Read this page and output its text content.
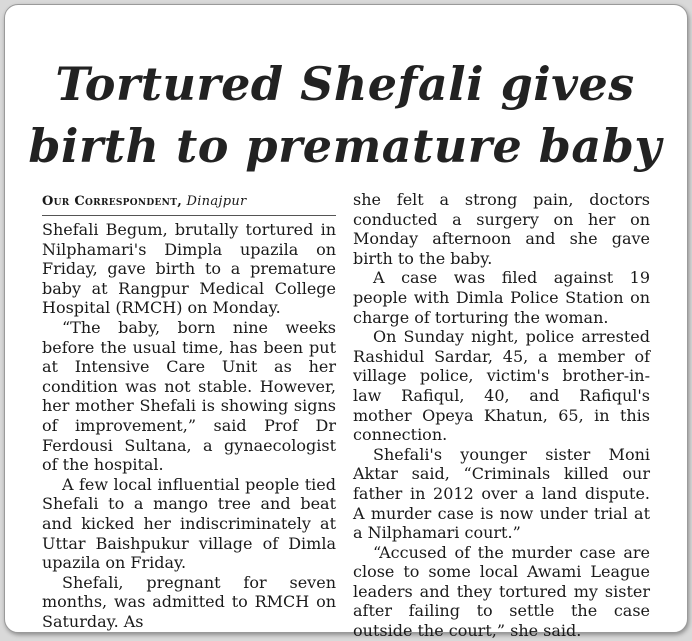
Tortured Shefali gives
birth to premature baby
Our Correspondent, Dinajpur

Shefali Begum, brutally tortured in Nilphamari's Dimpla upazila on Friday, gave birth to a premature baby at Rangpur Medical College Hospital (RMCH) on Monday.

“The baby, born nine weeks before the usual time, has been put at Intensive Care Unit as her condition was not stable. However, her mother Shefali is showing signs of improvement,” said Prof Dr Ferdousi Sultana, a gynaecologist of the hospital.

A few local influential people tied Shefali to a mango tree and beat and kicked her indiscriminately at Uttar Baishpukur village of Dimla upazila on Friday.

Shefali, pregnant for seven months, was admitted to RMCH on Saturday. As

she felt a strong pain, doctors conducted a surgery on her on Monday afternoon and she gave birth to the baby.

A case was filed against 19 people with Dimla Police Station on charge of torturing the woman.

On Sunday night, police arrested Rashidul Sardar, 45, a member of village police, victim's brother-in-law Rafiqul, 40, and Rafiqul's mother Opeya Khatun, 65, in this connection.

Shefali's younger sister Moni Aktar said, “Criminals killed our father in 2012 over a land dispute. A murder case is now under trial at a Nilphamari court.”

“Accused of the murder case are close to some local Awami League leaders and they tortured my sister after failing to settle the case outside the court,” she said.
